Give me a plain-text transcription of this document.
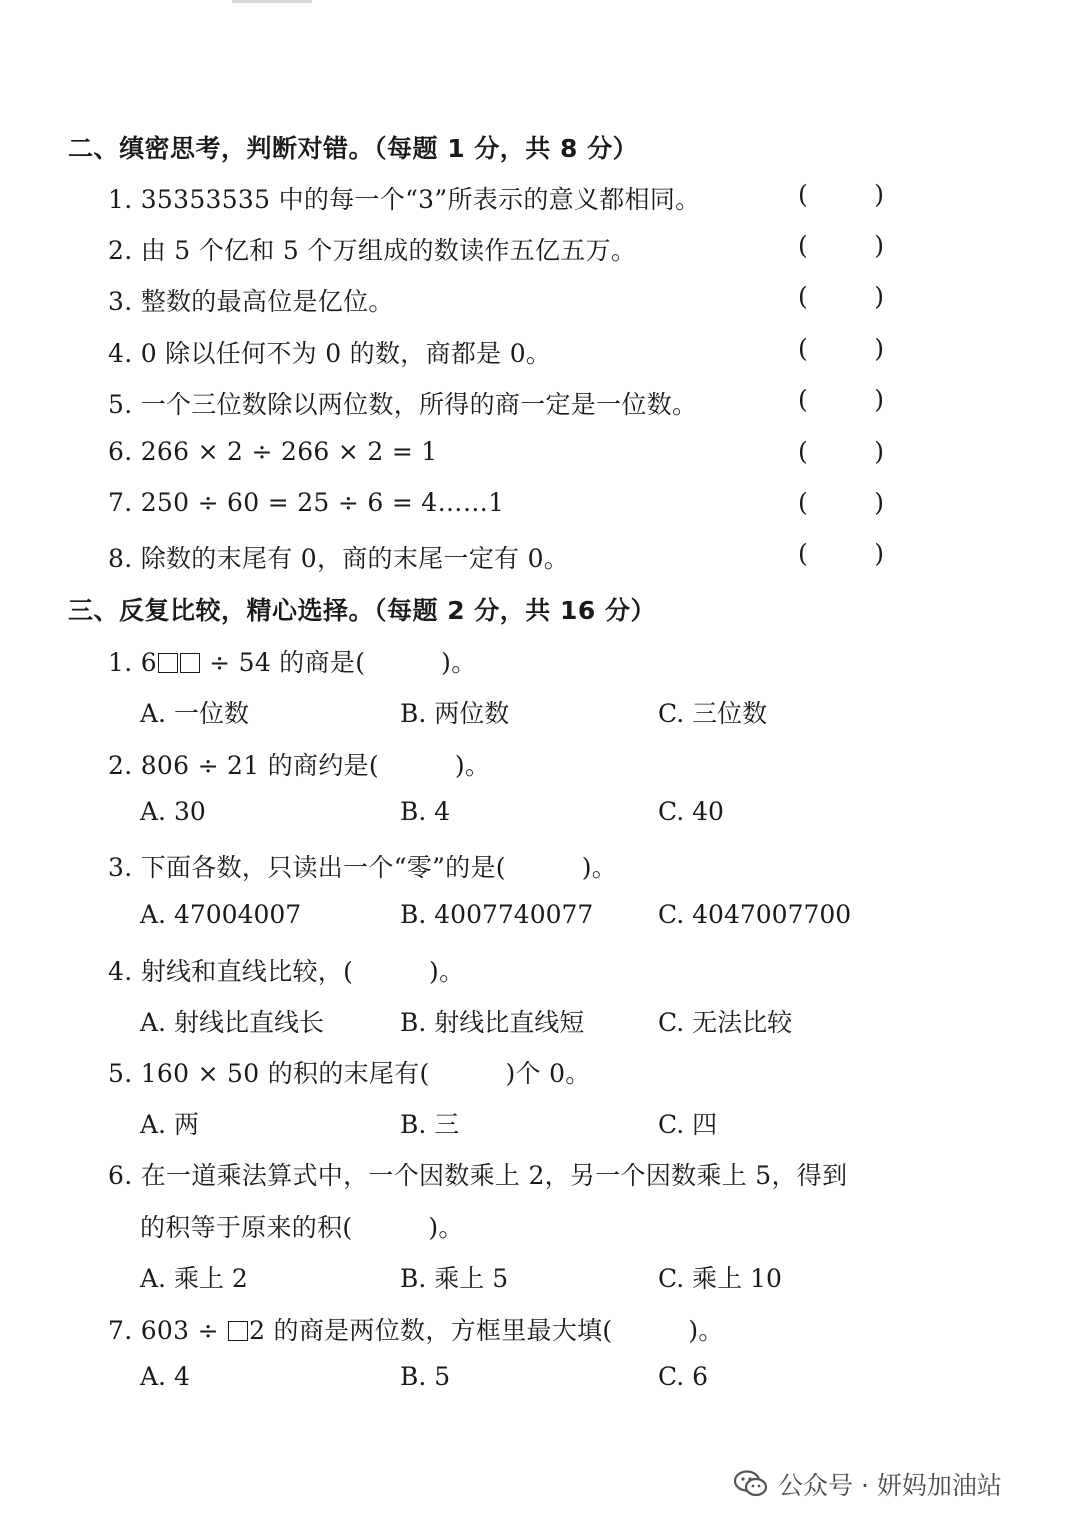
二、缜密思考，判断对错。（每题 1 分，共 8 分）
1. 35353535 中的每一个“3”所表示的意义都相同。	(	)
2. 由 5 个亿和 5 个万组成的数读作五亿五万。	(	)
3. 整数的最高位是亿位。	(	)
4. 0 除以任何不为 0 的数，商都是 0。	(	)
5. 一个三位数除以两位数，所得的商一定是一位数。	(	)
6. 266 × 2 ÷ 266 × 2 = 1	(	)
7. 250 ÷ 60 = 25 ÷ 6 = 4……1	(	)
8. 除数的末尾有 0，商的末尾一定有 0。	(	)
三、反复比较，精心选择。（每题 2 分，共 16 分）
1. 6 ÷ 54 的商是(　　　)。
A. 一位数	B. 两位数	C. 三位数
2. 806 ÷ 21 的商约是(　　　)。
A. 30	B. 4	C. 40
3. 下面各数，只读出一个“零”的是(　　　)。
A. 47004007	B. 4007740077	C. 4047007700
4. 射线和直线比较，(　　　)。
A. 射线比直线长	B. 射线比直线短	C. 无法比较
5. 160 × 50 的积的末尾有(　　　)个 0。
A. 两	B. 三	C. 四
6. 在一道乘法算式中，一个因数乘上 2，另一个因数乘上 5，得到
的积等于原来的积(　　　)。
A. 乘上 2	B. 乘上 5	C. 乘上 10
7. 603 ÷ 2 的商是两位数，方框里最大填(　　　)。
A. 4	B. 5	C. 6
公众号 · 妍妈加油站
